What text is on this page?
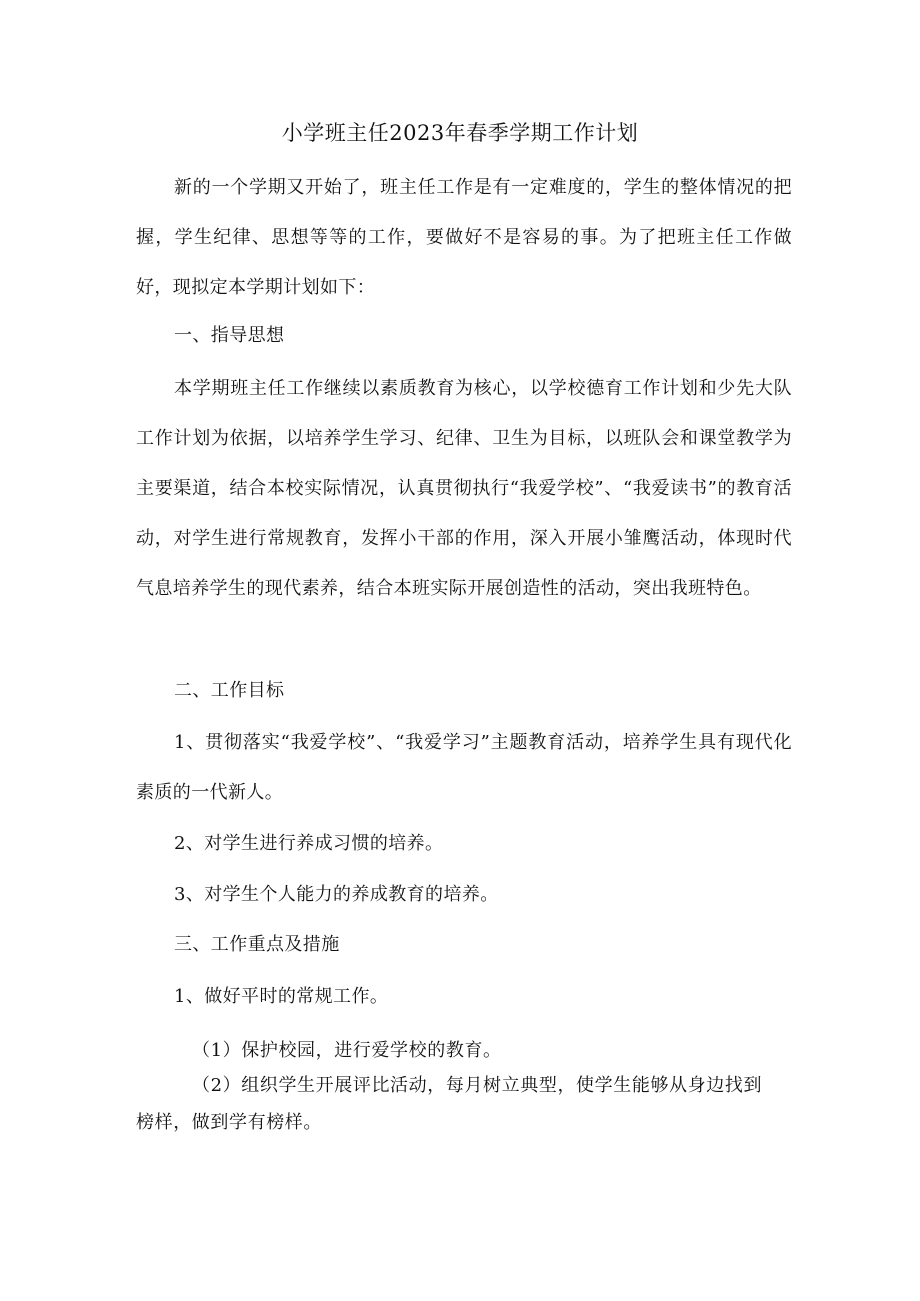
小学班主任2023年春季学期工作计划

新的一个学期又开始了，班主任工作是有一定难度的，学生的整体情况的把握，学生纪律、思想等等的工作，要做好不是容易的事。为了把班主任工作做好，现拟定本学期计划如下：

一、指导思想

本学期班主任工作继续以素质教育为核心，以学校德育工作计划和少先大队工作计划为依据，以培养学生学习、纪律、卫生为目标，以班队会和课堂教学为主要渠道，结合本校实际情况，认真贯彻执行“我爱学校”、“我爱读书”的教育活动，对学生进行常规教育，发挥小干部的作用，深入开展小雏鹰活动，体现时代气息培养学生的现代素养，结合本班实际开展创造性的活动，突出我班特色。

二、工作目标

1、贯彻落实“我爱学校”、“我爱学习”主题教育活动，培养学生具有现代化素质的一代新人。

2、对学生进行养成习惯的培养。

3、对学生个人能力的养成教育的培养。

三、工作重点及措施

1、做好平时的常规工作。

（1）保护校园，进行爱学校的教育。

（2）组织学生开展评比活动，每月树立典型，使学生能够从身边找到榜样，做到学有榜样。
